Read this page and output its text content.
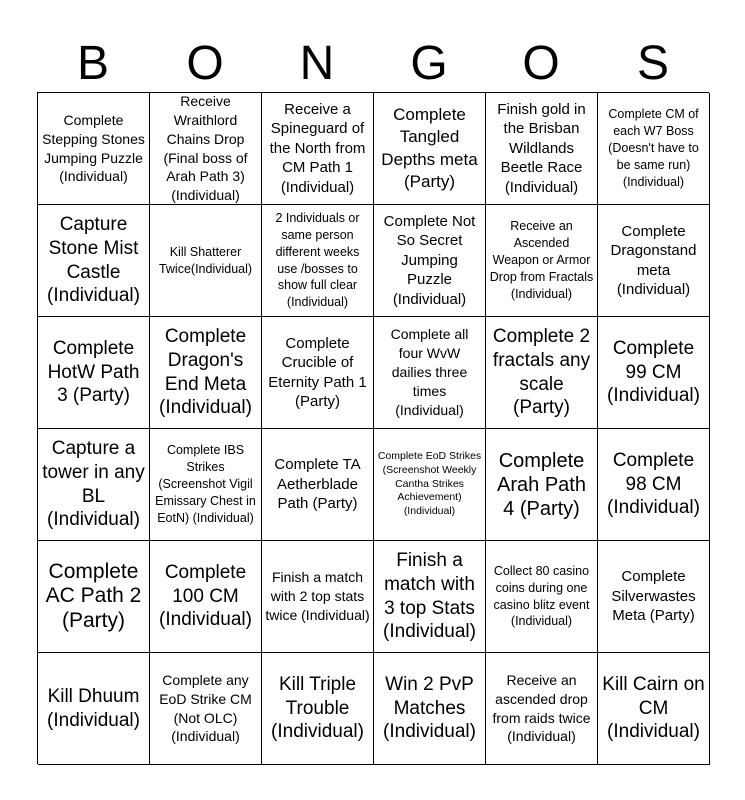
B	O	N	G	O	S
Complete Stepping Stones Jumping Puzzle (Individual)
Receive Wraithlord Chains Drop (Final boss of Arah Path 3) (Individual)
Receive a Spineguard of the North from CM Path 1 (Individual)
Complete Tangled Depths meta (Party)
Finish gold in the Brisban Wildlands Beetle Race (Individual)
Complete CM of each W7 Boss (Doesn't have to be same run) (Individual)
Capture Stone Mist Castle (Individual)
Kill Shatterer Twice(Individual)
2 Individuals or same person different weeks use /bosses to show full clear (Individual)
Complete Not So Secret Jumping Puzzle (Individual)
Receive an Ascended Weapon or Armor Drop from Fractals (Individual)
Complete Dragonstand meta (Individual)
Complete HotW Path 3 (Party)
Complete Dragon's End Meta (Individual)
Complete Crucible of Eternity Path 1 (Party)
Complete all four WvW dailies three times (Individual)
Complete 2 fractals any scale (Party)
Complete 99 CM (Individual)
Capture a tower in any BL (Individual)
Complete IBS Strikes (Screenshot Vigil Emissary Chest in EotN) (Individual)
Complete TA Aetherblade Path (Party)
Complete EoD Strikes (Screenshot Weekly Cantha Strikes Achievement) (Individual)
Complete Arah Path 4 (Party)
Complete 98 CM (Individual)
Complete AC Path 2 (Party)
Complete 100 CM (Individual)
Finish a match with 2 top stats twice (Individual)
Finish a match with 3 top Stats (Individual)
Collect 80 casino coins during one casino blitz event (Individual)
Complete Silverwastes Meta (Party)
Kill Dhuum (Individual)
Complete any EoD Strike CM (Not OLC) (Individual)
Kill Triple Trouble (Individual)
Win 2 PvP Matches (Individual)
Receive an ascended drop from raids twice (Individual)
Kill Cairn on CM (Individual)
